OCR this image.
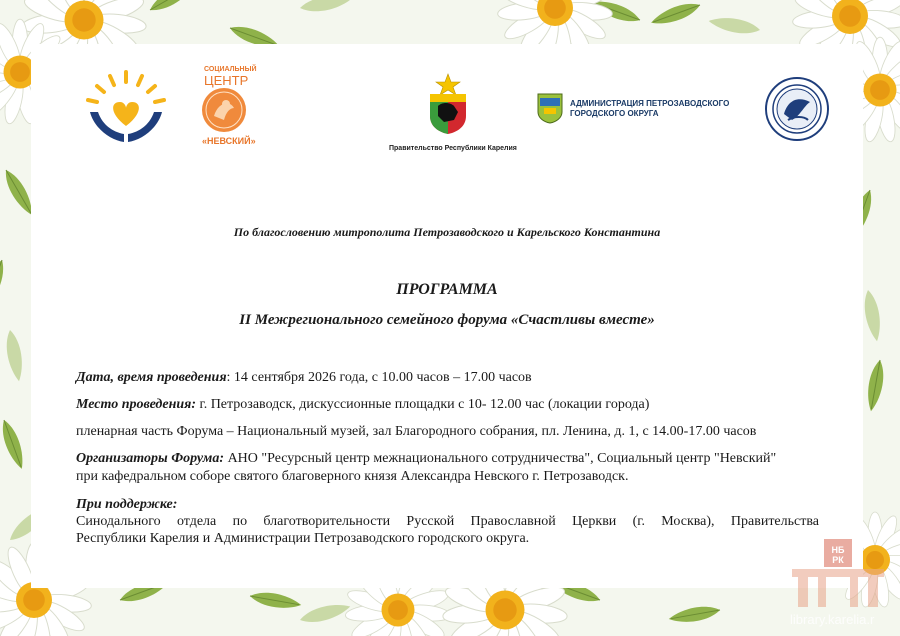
СОЦИАЛЬНЫЙ
ЦЕНТР
«НЕВСКИЙ»
Правительство Республики Карелия
АДМИНИСТРАЦИЯ ПЕТРОЗАВОДСКОГО
ГОРОДСКОГО ОКРУГА
По благословению митрополита Петрозаводского и Карельского Константина
ПРОГРАММА
II Межрегионального семейного форума «Счастливы вместе»
Дата, время проведения: 14 сентября 2026 года, с 10.00 часов – 17.00 часов
Место проведения: г. Петрозаводск, дискуссионные площадки с 10- 12.00 час (локации города)
пленарная часть Форума – Национальный музей, зал Благородного собрания, пл. Ленина, д. 1, с 14.00-17.00 часов
Организаторы Форума: АНО "Ресурсный центр межнационального сотрудничества", Социальный центр "Невский"
при кафедральном соборе святого благоверного князя Александра Невского г. Петрозаводск.
При поддержке:
Синодального отдела по благотворительности Русской Православной Церкви (г. Москва), Правительства
Республики Карелия и Администрации Петрозаводского городского округа.
НБ РК
library.karelia.r
